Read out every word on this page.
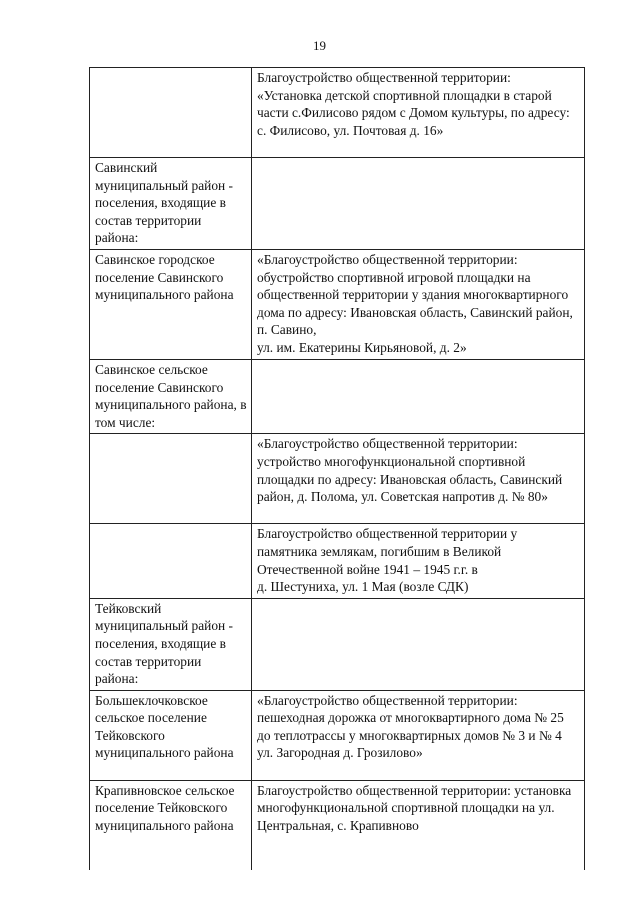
19

	Благоустройство общественной территории:
«Установка детской спортивной площадки в старой части с.Филисово рядом с Домом культуры, по адресу: с. Филисово, ул. Почтовая д. 16»

Савинский муниципальный район - поселения, входящие в состав территории района:	

Савинское городское поселение Савинского муниципального района	«Благоустройство общественной территории: обустройство спортивной игровой площадки на общественной территории у здания многоквартирного дома по адресу: Ивановская область, Савинский район, п. Савино,
ул. им. Екатерины Кирьяновой, д. 2»

Савинское сельское поселение Савинского муниципального района, в том числе:	

	«Благоустройство общественной территории: устройство многофункциональной спортивной площадки по адресу: Ивановская область, Савинский район, д. Полома, ул. Советская напротив д. № 80»

	Благоустройство общественной территории у памятника землякам, погибшим в Великой Отечественной войне 1941 – 1945 г.г. в
д. Шестуниха, ул. 1 Мая (возле СДК)

Тейковский муниципальный район - поселения, входящие в состав территории района:	

Большеклочковское сельское поселение Тейковского муниципального района	«Благоустройство общественной территории: пешеходная дорожка от многоквартирного дома № 25 до теплотрассы у многоквартирных домов № 3 и № 4 ул. Загородная д. Грозилово»

Крапивновское сельское поселение Тейковского муниципального района	Благоустройство общественной территории: установка многофункциональной спортивной площадки на ул. Центральная, с. Крапивново
